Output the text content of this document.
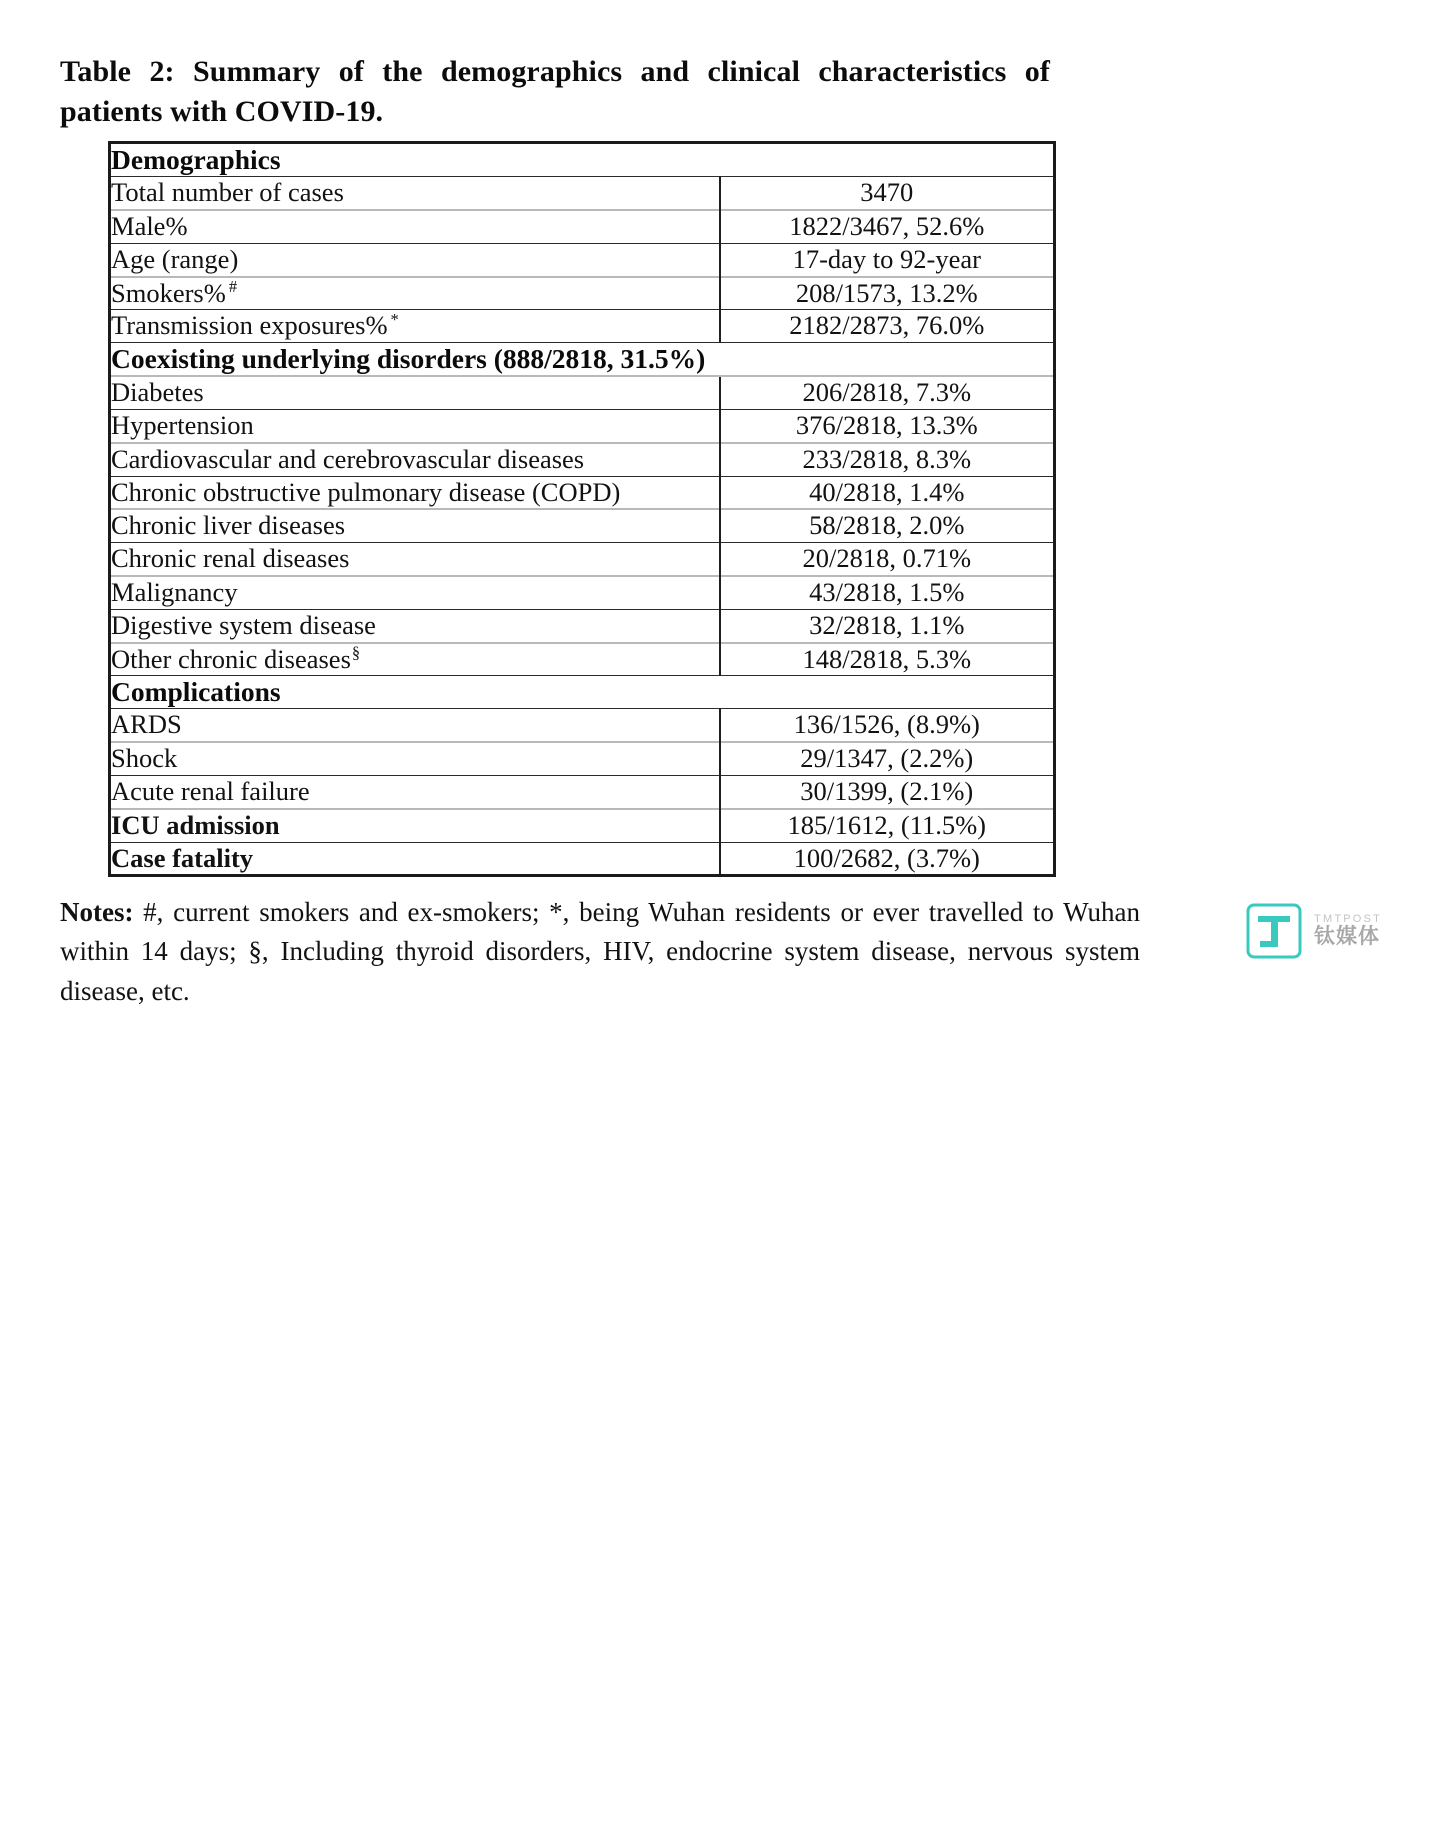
Table 2: Summary of the demographics and clinical characteristics of patients with COVID-19.
Demographics	
Total number of cases	3470
Male%	1822/3467, 52.6%
Age (range)	17-day to 92-year
Smokers% #	208/1573, 13.2%
Transmission exposures% *	2182/2873, 76.0%
Coexisting underlying disorders (888/2818, 31.5%)	
Diabetes	206/2818, 7.3%
Hypertension	376/2818, 13.3%
Cardiovascular and cerebrovascular diseases	233/2818, 8.3%
Chronic obstructive pulmonary disease (COPD)	40/2818, 1.4%
Chronic liver diseases	58/2818, 2.0%
Chronic renal diseases	20/2818, 0.71%
Malignancy	43/2818, 1.5%
Digestive system disease	32/2818, 1.1%
Other chronic diseases§	148/2818, 5.3%
Complications	
ARDS	136/1526, (8.9%)
Shock	29/1347, (2.2%)
Acute renal failure	30/1399, (2.1%)
ICU admission	185/1612, (11.5%)
Case fatality	100/2682, (3.7%)
Notes: #, current smokers and ex-smokers; *, being Wuhan residents or ever travelled to Wuhan within 14 days; §, Including thyroid disorders, HIV, endocrine system disease, nervous system disease, etc.
TMTPOST
钛媒体
